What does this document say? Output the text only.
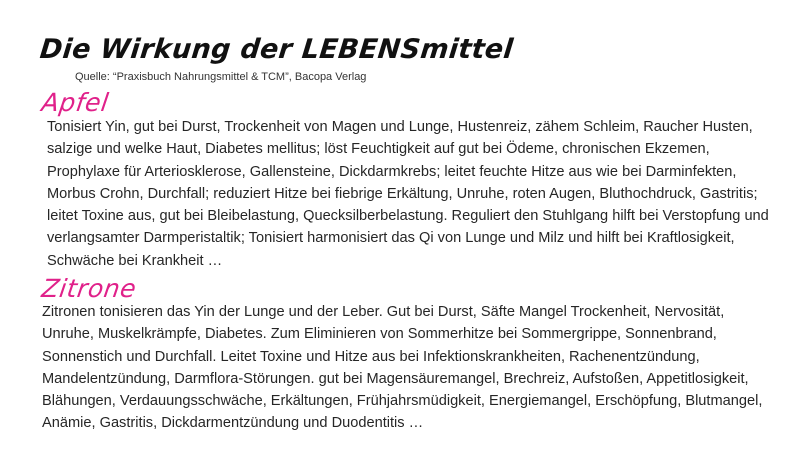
Die Wirkung der LEBENSmittel
Quelle: “Praxisbuch Nahrungsmittel & TCM”, Bacopa Verlag
Apfel
Tonisiert Yin, gut bei Durst, Trockenheit von Magen und Lunge, Hustenreiz, zähem Schleim, Raucher Husten, salzige und welke Haut, Diabetes mellitus; löst Feuchtigkeit auf gut bei Ödeme, chronischen Ekzemen, Prophylaxe für Arteriosklerose, Gallensteine, Dickdarmkrebs; leitet feuchte Hitze aus wie bei Darminfekten, Morbus Crohn, Durchfall; reduziert Hitze bei fiebrige Erkältung, Unruhe, roten Augen, Bluthochdruck, Gastritis; leitet Toxine aus, gut bei Bleibelastung, Quecksilberbelastung. Reguliert den Stuhlgang hilft bei Verstopfung und verlangsamter Darmperistaltik; Tonisiert harmonisiert das Qi von Lunge und Milz und hilft bei Kraftlosigkeit, Schwäche bei Krankheit …
Zitrone
Zitronen tonisieren das Yin der Lunge und der Leber. Gut bei Durst, Säfte Mangel Trockenheit, Nervosität, Unruhe, Muskelkrämpfe, Diabetes. Zum Eliminieren von Sommerhitze bei Sommergrippe, Sonnenbrand, Sonnenstich und Durchfall. Leitet Toxine und Hitze aus bei Infektionskrankheiten, Rachenentzündung, Mandelentzündung, Darmflora-Störungen. gut bei Magensäuremangel, Brechreiz, Aufstoßen, Appetitlosigkeit, Blähungen, Verdauungsschwäche, Erkältungen, Frühjahrsmüdigkeit, Energiemangel, Erschöpfung, Blutmangel, Anämie, Gastritis, Dickdarmentzündung und Duodentitis …
